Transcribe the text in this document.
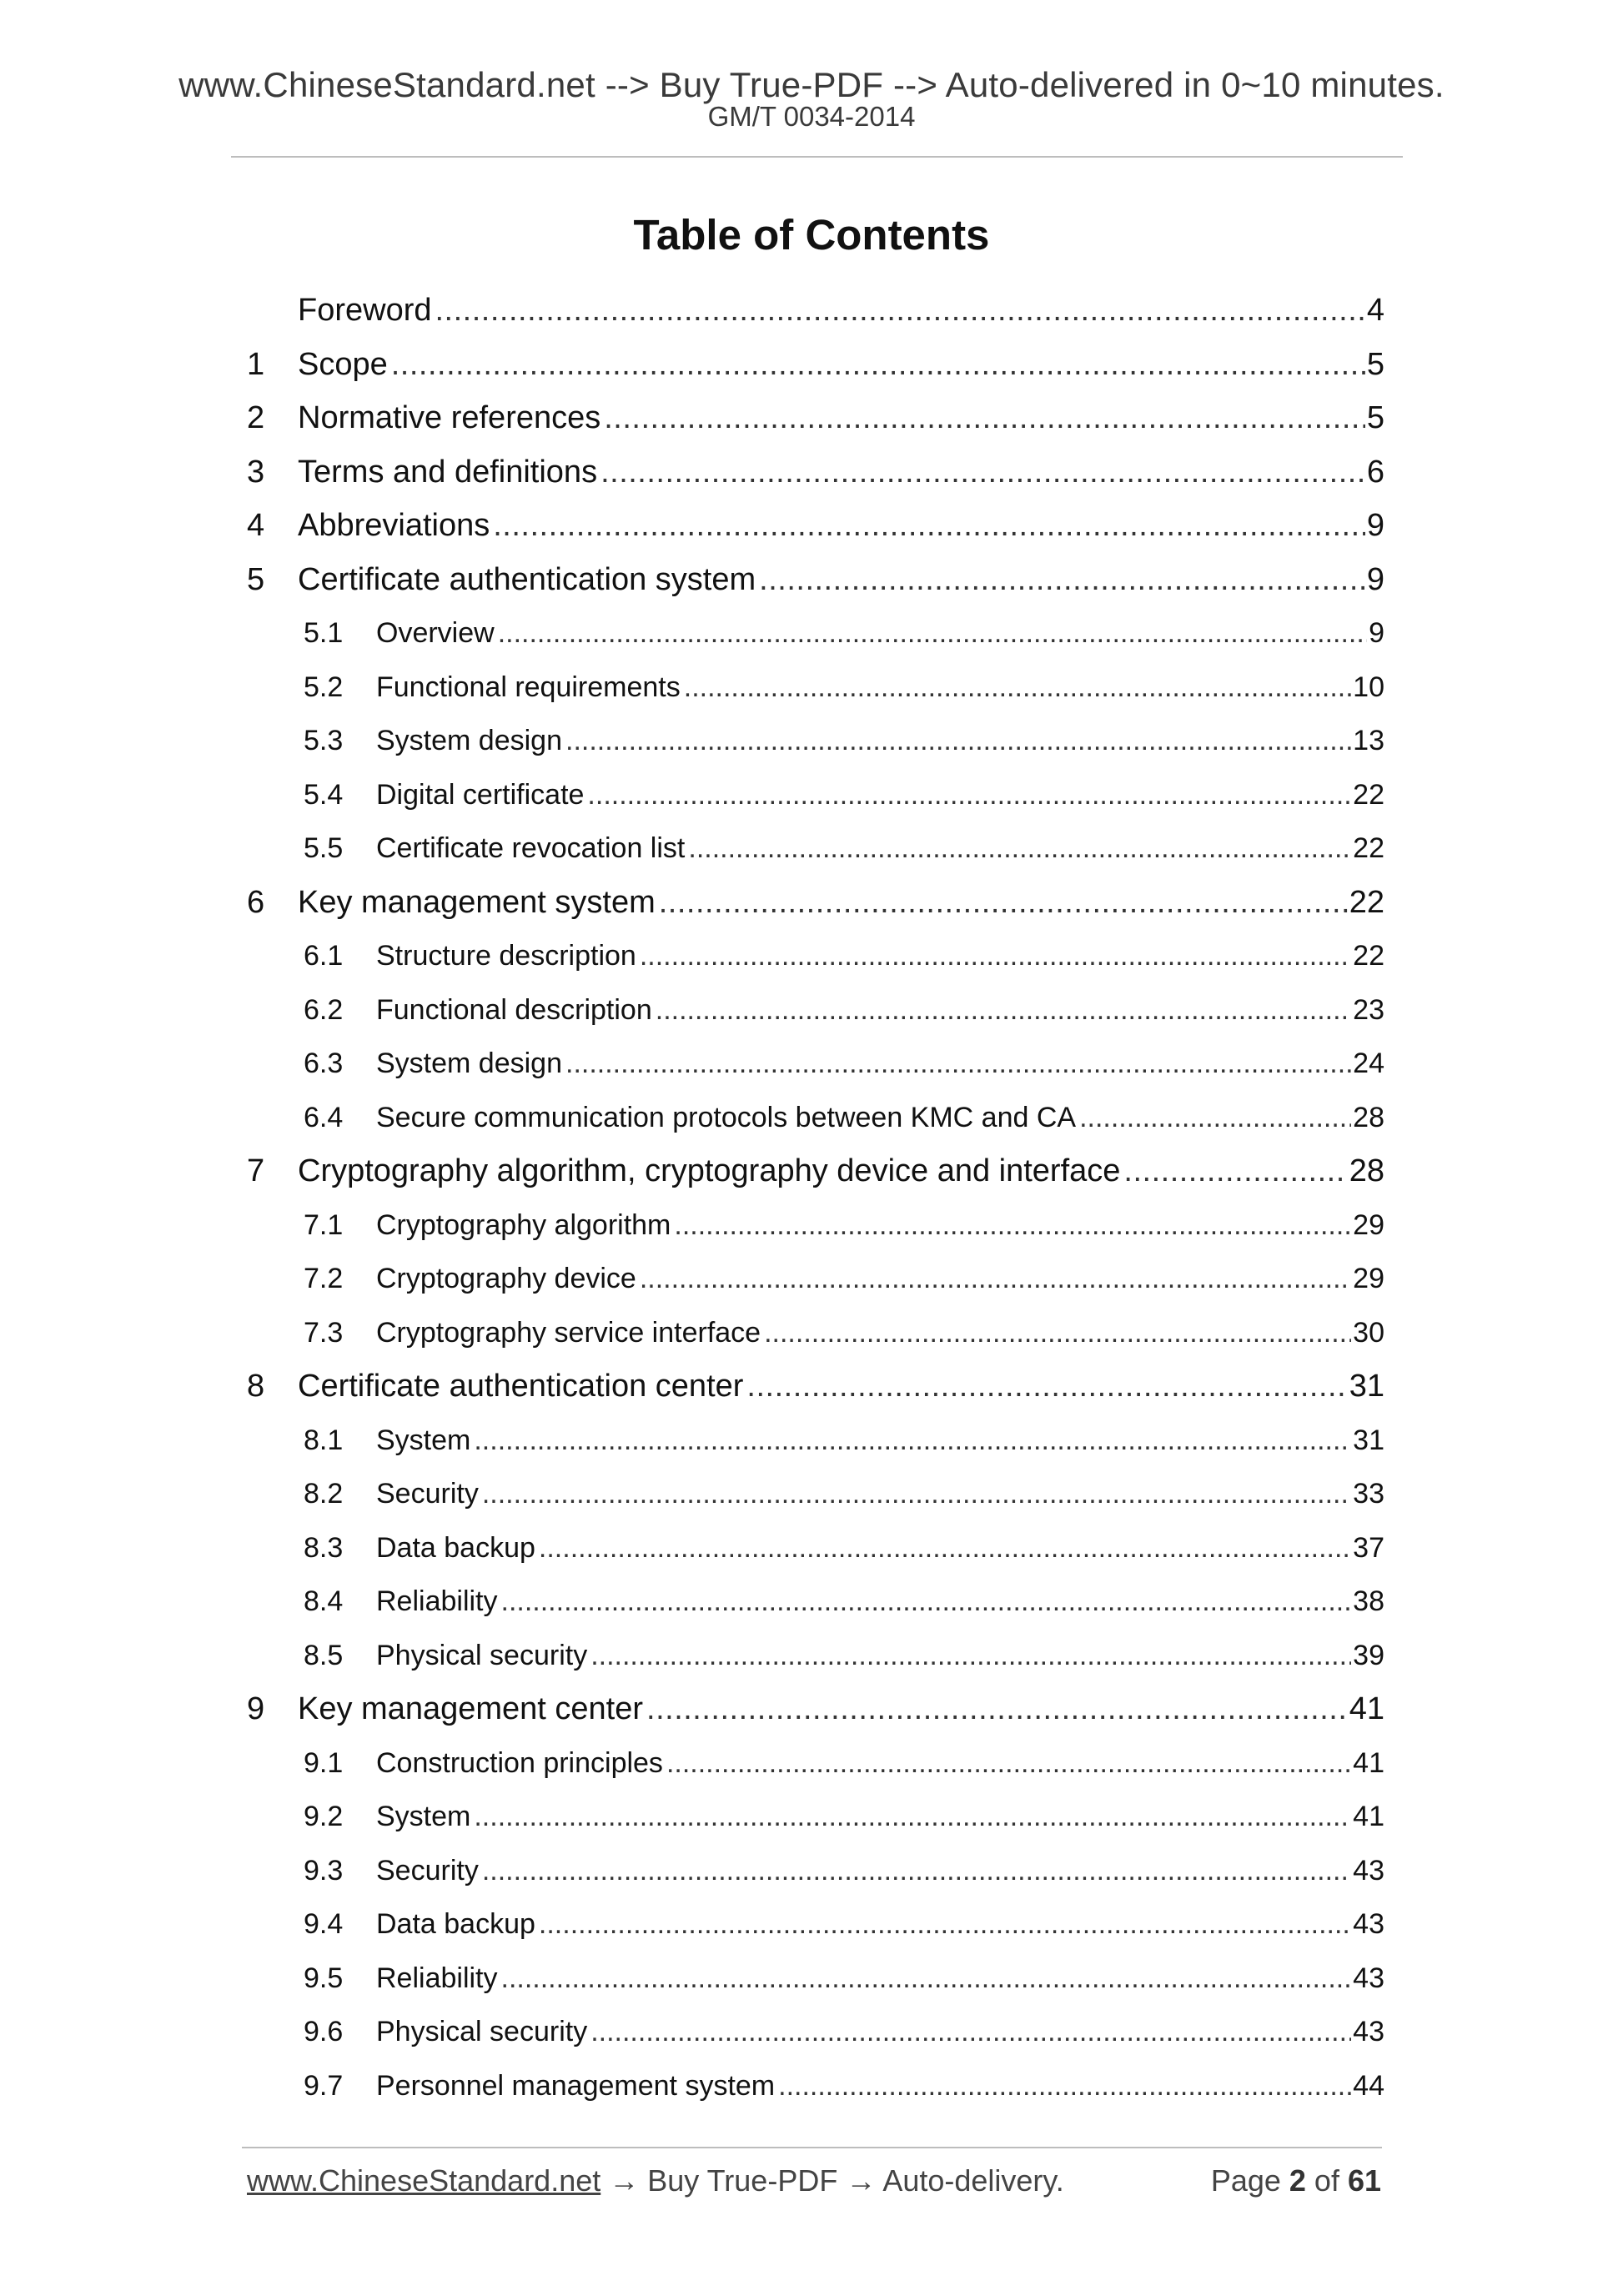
www.ChineseStandard.net --> Buy True-PDF --> Auto-delivered in 0~10 minutes.
GM/T 0034-2014
Table of Contents
Foreword .....	4
1	Scope .....	5
2	Normative references .....	5
3	Terms and definitions .....	6
4	Abbreviations .....	9
5	Certificate authentication system .....	9
5.1	Overview .....	9
5.2	Functional requirements .....	10
5.3	System design .....	13
5.4	Digital certificate .....	22
5.5	Certificate revocation list .....	22
6	Key management system .....	22
6.1	Structure description .....	22
6.2	Functional description .....	23
6.3	System design .....	24
6.4	Secure communication protocols between KMC and CA .....	28
7	Cryptography algorithm, cryptography device and interface .....	28
7.1	Cryptography algorithm .....	29
7.2	Cryptography device .....	29
7.3	Cryptography service interface .....	30
8	Certificate authentication center .....	31
8.1	System .....	31
8.2	Security .....	33
8.3	Data backup .....	37
8.4	Reliability .....	38
8.5	Physical security .....	39
9	Key management center .....	41
9.1	Construction principles .....	41
9.2	System .....	41
9.3	Security .....	43
9.4	Data backup .....	43
9.5	Reliability .....	43
9.6	Physical security .....	43
9.7	Personnel management system .....	44
www.ChineseStandard.net → Buy True-PDF → Auto-delivery.	Page 2 of 61
